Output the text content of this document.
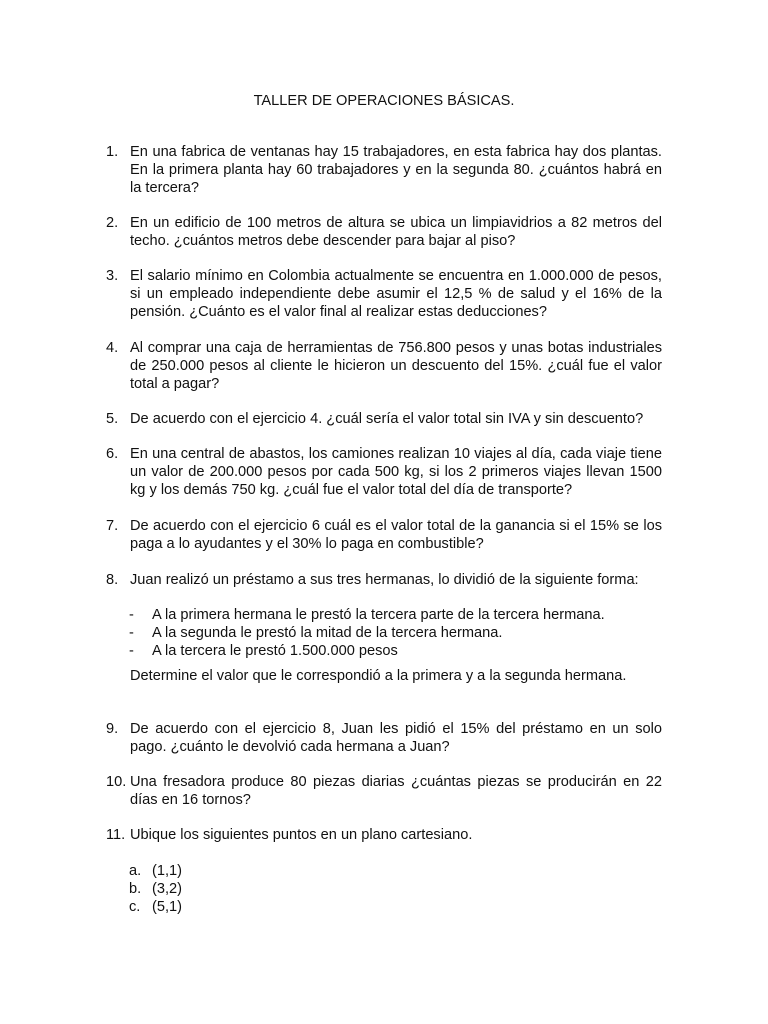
TALLER DE OPERACIONES BÁSICAS.
1. En una fabrica de ventanas hay 15 trabajadores, en esta fabrica hay dos plantas. En la primera planta hay 60 trabajadores y en la segunda 80. ¿cuántos habrá en la tercera?
2. En un edificio de 100 metros de altura se ubica un limpiavidrios a 82 metros del techo. ¿cuántos metros debe descender para bajar al piso?
3. El salario mínimo en Colombia actualmente se encuentra en 1.000.000 de pesos, si un empleado independiente debe asumir el 12,5 % de salud y el 16% de la pensión. ¿Cuánto es el valor final al realizar estas deducciones?
4. Al comprar una caja de herramientas de 756.800 pesos y unas botas industriales de 250.000 pesos al cliente le hicieron un descuento del 15%. ¿cuál fue el valor total a pagar?
5. De acuerdo con el ejercicio 4. ¿cuál sería el valor total sin IVA y sin descuento?
6. En una central de abastos, los camiones realizan 10 viajes al día, cada viaje tiene un valor de 200.000 pesos por cada 500 kg, si los 2 primeros viajes llevan 1500 kg y los demás 750 kg. ¿cuál fue el valor total del día de transporte?
7. De acuerdo con el ejercicio 6 cuál es el valor total de la ganancia si el 15% se los paga a lo ayudantes y el 30% lo paga en combustible?
8. Juan realizó un préstamo a sus tres hermanas, lo dividió de la siguiente forma:
- A la primera hermana le prestó la tercera parte de la tercera hermana.
- A la segunda le prestó la mitad de la tercera hermana.
- A la tercera le prestó 1.500.000 pesos
Determine el valor que le correspondió a la primera y a la segunda hermana.
9. De acuerdo con el ejercicio 8, Juan les pidió el 15% del préstamo en un solo pago. ¿cuánto le devolvió cada hermana a Juan?
10. Una fresadora produce 80 piezas diarias ¿cuántas piezas se producirán en 22 días en 16 tornos?
11. Ubique los siguientes puntos en un plano cartesiano.
a. (1,1)
b. (3,2)
c. (5,1)
